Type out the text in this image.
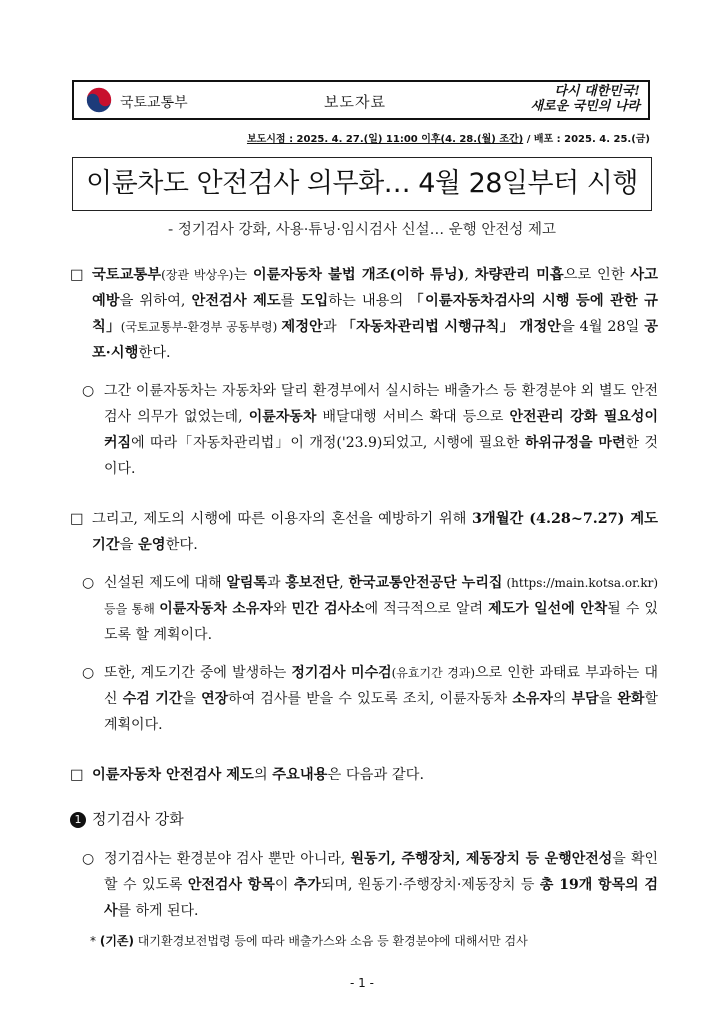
국토교통부	보도자료
다시 대한민국!
새로운 국민의 나라
보도시점 : 2025. 4. 27.(일) 11:00 이후(4. 28.(월) 조간) / 배포 : 2025. 4. 25.(금)
이륜차도 안전검사 의무화… 4월 28일부터 시행
- 정기검사 강화, 사용·튜닝·임시검사 신설… 운행 안전성 제고
□ 국토교통부(장관 박상우)는 이륜자동차 불법 개조(이하 튜닝), 차량관리 미흡으로 인한 사고예방을 위하여, 안전검사 제도를 도입하는 내용의 「이륜자동차검사의 시행 등에 관한 규칙」(국토교통부-환경부 공동부령) 제정안과 「자동차관리법 시행규칙」 개정안을 4월 28일 공포·시행한다.
○ 그간 이륜자동차는 자동차와 달리 환경부에서 실시하는 배출가스 등 환경분야 외 별도 안전검사 의무가 없었는데, 이륜자동차 배달대행 서비스 확대 등으로 안전관리 강화 필요성이 커짐에 따라「자동차관리법」이 개정('23.9)되었고, 시행에 필요한 하위규정을 마련한 것이다.
□ 그리고, 제도의 시행에 따른 이용자의 혼선을 예방하기 위해 3개월간 (4.28~7.27) 계도기간을 운영한다.
○ 신설된 제도에 대해 알림톡과 홍보전단, 한국교통안전공단 누리집 (https://main.kotsa.or.kr) 등을 통해 이륜자동차 소유자와 민간 검사소에 적극적으로 알려 제도가 일선에 안착될 수 있도록 할 계획이다.
○ 또한, 계도기간 중에 발생하는 정기검사 미수검(유효기간 경과)으로 인한 과태료 부과하는 대신 수검 기간을 연장하여 검사를 받을 수 있도록 조치, 이륜자동차 소유자의 부담을 완화할 계획이다.
□ 이륜자동차 안전검사 제도의 주요내용은 다음과 같다.
1 정기검사 강화
○ 정기검사는 환경분야 검사 뿐만 아니라, 원동기, 주행장치, 제동장치 등 운행안전성을 확인할 수 있도록 안전검사 항목이 추가되며, 원동기·주행장치·제동장치 등 총 19개 항목의 검사를 하게 된다.
* (기존) 대기환경보전법령 등에 따라 배출가스와 소음 등 환경분야에 대해서만 검사
- 1 -
